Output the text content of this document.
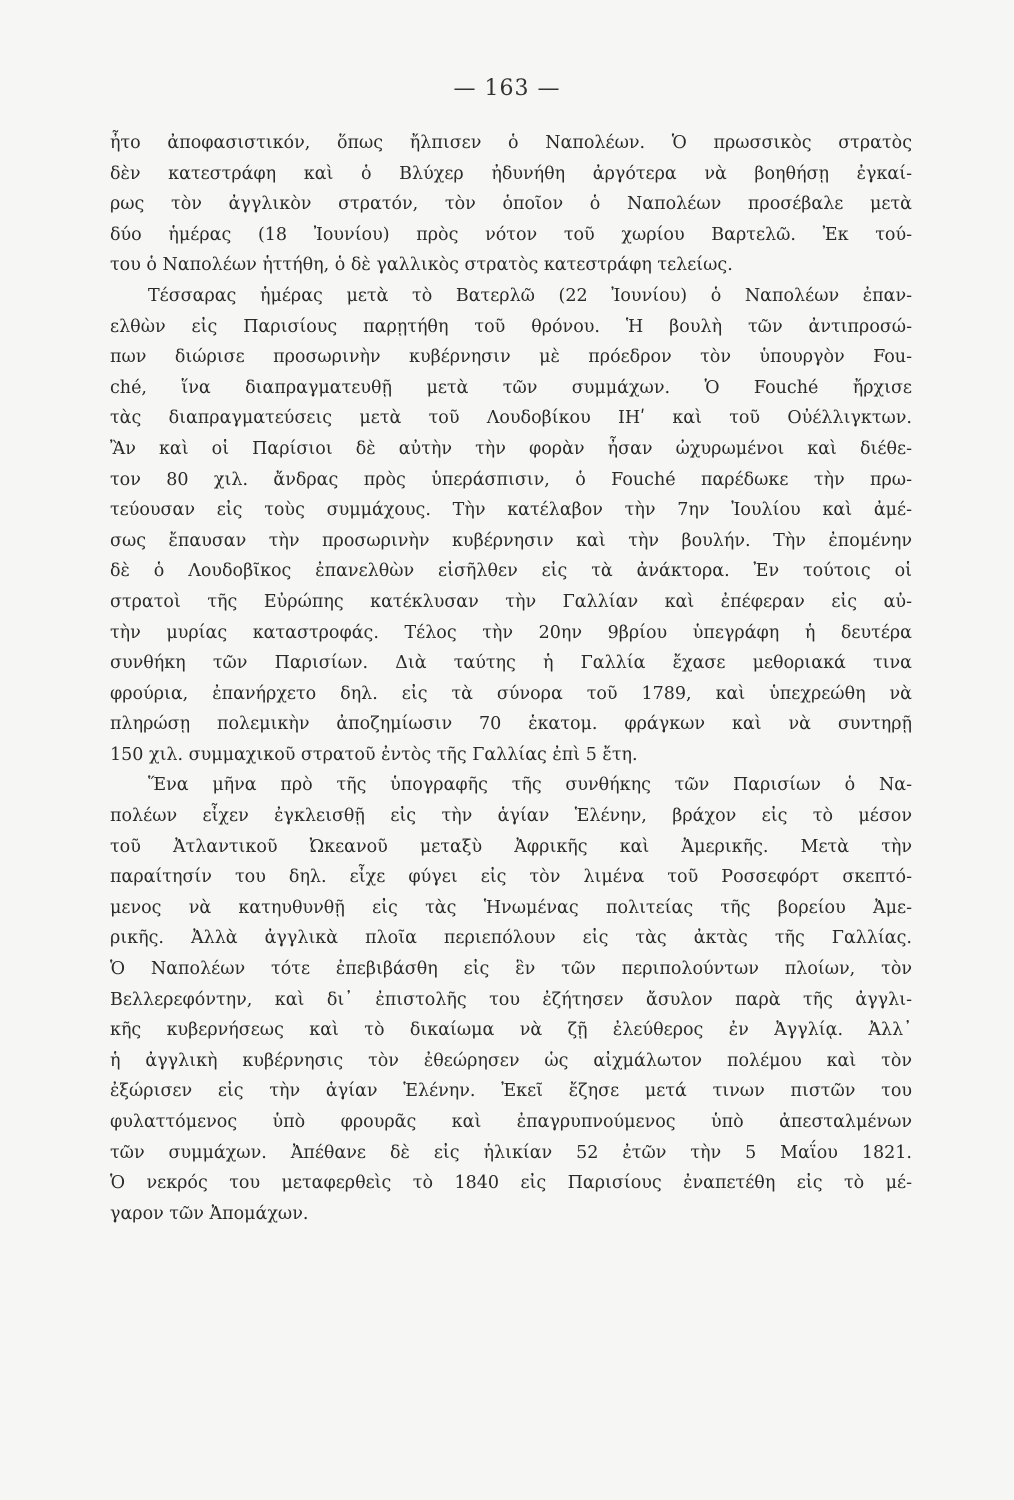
— 163 —
ἦτο ἀποφασιστικόν, ὅπως ἤλπισεν ὁ Ναπολέων. Ὁ πρωσσικὸς στρατὸς
δὲν κατεστράφη καὶ ὁ Βλύχερ ἠδυνήθη ἀργότερα νὰ βοηθήσῃ ἐγκαί-
ρως τὸν ἀγγλικὸν στρατόν, τὸν ὁποῖον ὁ Ναπολέων προσέβαλε μετὰ
δύο ἡμέρας (18 Ἰουνίου) πρὸς νότον τοῦ χωρίου Βαρτελῶ. Ἐκ τού-
του ὁ Ναπολέων ἡττήθη, ὁ δὲ γαλλικὸς στρατὸς κατεστράφη τελείως.
Τέσσαρας ἡμέρας μετὰ τὸ Βατερλῶ (22 Ἰουνίου) ὁ Ναπολέων ἐπαν-
ελθὼν εἰς Παρισίους παρῃτήθη τοῦ θρόνου. Ἡ βουλὴ τῶν ἀντιπροσώ-
πων διώρισε προσωρινὴν κυβέρνησιν μὲ πρόεδρον τὸν ὑπουργὸν Fou-
ché, ἵνα διαπραγματευθῇ μετὰ τῶν συμμάχων. Ὁ Fouché ἤρχισε
τὰς διαπραγματεύσεις μετὰ τοῦ Λουδοβίκου ΙΗʹ καὶ τοῦ Οὐέλλιγκτων.
Ἂν καὶ οἱ Παρίσιοι δὲ αὐτὴν τὴν φορὰν ἦσαν ὠχυρωμένοι καὶ διέθε-
τον 80 χιλ. ἄνδρας πρὸς ὑπεράσπισιν, ὁ Fouché παρέδωκε τὴν πρω-
τεύουσαν εἰς τοὺς συμμάχους. Τὴν κατέλαβον τὴν 7ην Ἰουλίου καὶ ἀμέ-
σως ἔπαυσαν τὴν προσωρινὴν κυβέρνησιν καὶ τὴν βουλήν. Τὴν ἐπομένην
δὲ ὁ Λουδοβῖκος ἐπανελθὼν εἰσῆλθεν εἰς τὰ ἀνάκτορα. Ἐν τούτοις οἱ
στρατοὶ τῆς Εὐρώπης κατέκλυσαν τὴν Γαλλίαν καὶ ἐπέφεραν εἰς αὐ-
τὴν μυρίας καταστροφάς. Τέλος τὴν 20ην 9βρίου ὑπεγράφη ἡ δευτέρα
συνθήκη τῶν Παρισίων. Διὰ ταύτης ἡ Γαλλία ἔχασε μεθοριακά τινα
φρούρια, ἐπανήρχετο δηλ. εἰς τὰ σύνορα τοῦ 1789, καὶ ὑπεχρεώθη νὰ
πληρώσῃ πολεμικὴν ἀποζημίωσιν 70 ἑκατομ. φράγκων καὶ νὰ συντηρῇ
150 χιλ. συμμαχικοῦ στρατοῦ ἐντὸς τῆς Γαλλίας ἐπὶ 5 ἔτη.
Ἕνα μῆνα πρὸ τῆς ὑπογραφῆς τῆς συνθήκης τῶν Παρισίων ὁ Να-
πολέων εἶχεν ἐγκλεισθῇ εἰς τὴν ἁγίαν Ἑλένην, βράχον εἰς τὸ μέσον
τοῦ Ἀτλαντικοῦ Ὠκεανοῦ μεταξὺ Ἀφρικῆς καὶ Ἀμερικῆς. Μετὰ τὴν
παραίτησίν του δηλ. εἶχε φύγει εἰς τὸν λιμένα τοῦ Ροσσεφόρτ σκεπτό-
μενος νὰ κατηυθυνθῇ εἰς τὰς Ἡνωμένας πολιτείας τῆς βορείου Ἀμε-
ρικῆς. Ἀλλὰ ἀγγλικὰ πλοῖα περιεπόλουν εἰς τὰς ἀκτὰς τῆς Γαλλίας.
Ὁ Ναπολέων τότε ἐπεβιβάσθη εἰς ἓν τῶν περιπολούντων πλοίων, τὸν
Βελλερεφόντην, καὶ δι᾽ ἐπιστολῆς του ἐζήτησεν ἄσυλον παρὰ τῆς ἀγγλι-
κῆς κυβερνήσεως καὶ τὸ δικαίωμα νὰ ζῇ ἐλεύθερος ἐν Ἀγγλίᾳ. Ἀλλ᾽
ἡ ἀγγλικὴ κυβέρνησις τὸν ἐθεώρησεν ὡς αἰχμάλωτον πολέμου καὶ τὸν
ἐξώρισεν εἰς τὴν ἁγίαν Ἑλένην. Ἐκεῖ ἔζησε μετά τινων πιστῶν του
φυλαττόμενος ὑπὸ φρουρᾶς καὶ ἐπαγρυπνούμενος ὑπὸ ἀπεσταλμένων
τῶν συμμάχων. Ἀπέθανε δὲ εἰς ἡλικίαν 52 ἐτῶν τὴν 5 Μαΐου 1821.
Ὁ νεκρός του μεταφερθεὶς τὸ 1840 εἰς Παρισίους ἐναπετέθη εἰς τὸ μέ-
γαρον τῶν Ἀπομάχων.
